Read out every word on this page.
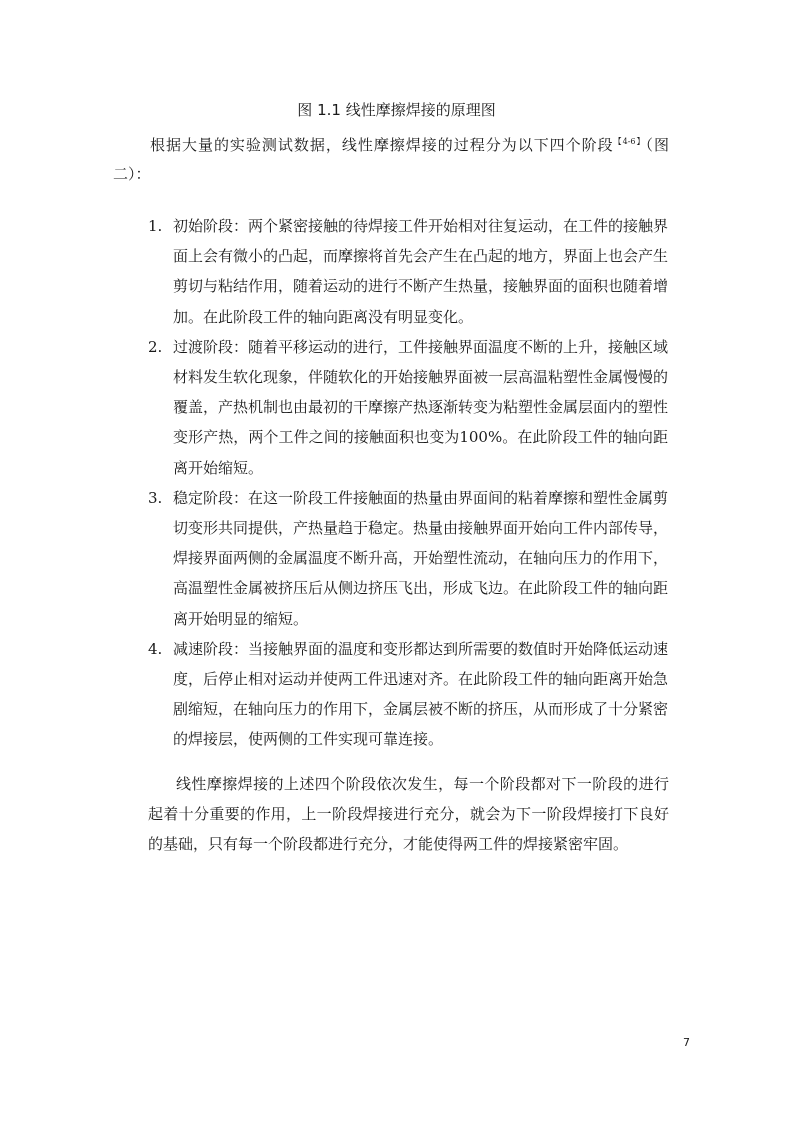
图 1.1 线性摩擦焊接的原理图

根据大量的实验测试数据，线性摩擦焊接的过程分为以下四个阶段$^{【4-6】}$（图二）：

1. 初始阶段：两个紧密接触的待焊接工件开始相对往复运动，在工件的接触界面上会有微小的凸起，而摩擦将首先会产生在凸起的地方，界面上也会产生剪切与粘结作用，随着运动的进行不断产生热量，接触界面的面积也随着增加。在此阶段工件的轴向距离没有明显变化。
2. 过渡阶段：随着平移运动的进行，工件接触界面温度不断的上升，接触区域材料发生软化现象，伴随软化的开始接触界面被一层高温粘塑性金属慢慢的覆盖，产热机制也由最初的干摩擦产热逐渐转变为粘塑性金属层面内的塑性变形产热，两个工件之间的接触面积也变为100%。在此阶段工件的轴向距离开始缩短。
3. 稳定阶段：在这一阶段工件接触面的热量由界面间的粘着摩擦和塑性金属剪切变形共同提供，产热量趋于稳定。热量由接触界面开始向工件内部传导，焊接界面两侧的金属温度不断升高，开始塑性流动，在轴向压力的作用下，高温塑性金属被挤压后从侧边挤压飞出，形成飞边。在此阶段工件的轴向距离开始明显的缩短。
4. 减速阶段：当接触界面的温度和变形都达到所需要的数值时开始降低运动速度，后停止相对运动并使两工件迅速对齐。在此阶段工件的轴向距离开始急剧缩短，在轴向压力的作用下，金属层被不断的挤压，从而形成了十分紧密的焊接层，使两侧的工件实现可靠连接。
线性摩擦焊接的上述四个阶段依次发生，每一个阶段都对下一阶段的进行起着十分重要的作用，上一阶段焊接进行充分，就会为下一阶段焊接打下良好的基础，只有每一个阶段都进行充分，才能使得两工件的焊接紧密牢固。
7
